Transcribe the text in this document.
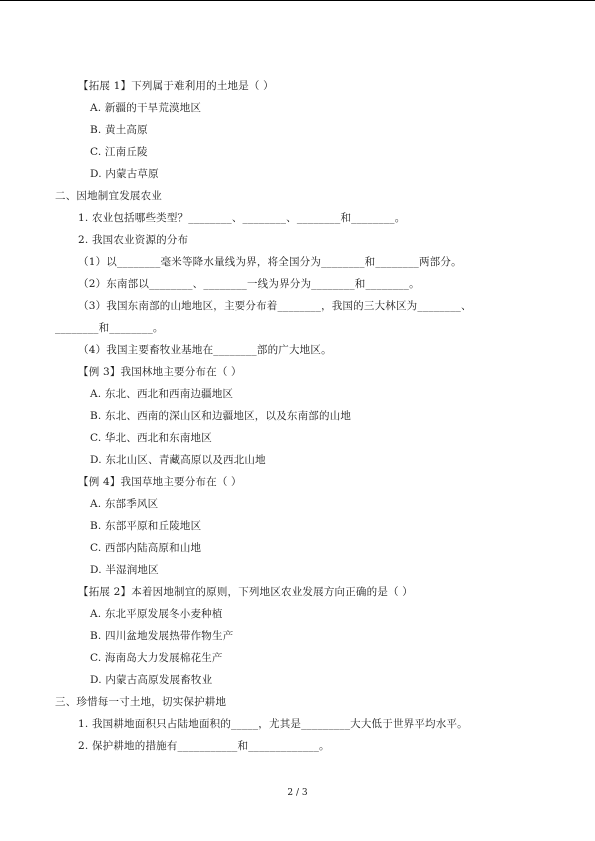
【拓展 1】下列属于难利用的土地是（ ）
A. 新疆的干旱荒漠地区
B. 黄土高原
C. 江南丘陵
D. 内蒙古草原
二、因地制宜发展农业
1. 农业包括哪些类型？________、________、________和________。
2. 我国农业资源的分布
（1）以________毫米等降水量线为界，将全国分为________和________两部分。
（2）东南部以________、________一线为界分为________和________。
（3）我国东南部的山地地区，主要分布着________，我国的三大林区为________、
________和________。
（4）我国主要畜牧业基地在________部的广大地区。
【例 3】我国林地主要分布在（ ）
A. 东北、西北和西南边疆地区
B. 东北、西南的深山区和边疆地区，以及东南部的山地
C. 华北、西北和东南地区
D. 东北山区、青藏高原以及西北山地
【例 4】我国草地主要分布在（ ）
A. 东部季风区
B. 东部平原和丘陵地区
C. 西部内陆高原和山地
D. 半湿润地区
【拓展 2】本着因地制宜的原则，下列地区农业发展方向正确的是（ ）
A. 东北平原发展冬小麦种植
B. 四川盆地发展热带作物生产
C. 海南岛大力发展棉花生产
D. 内蒙古高原发展畜牧业
三、珍惜每一寸土地，切实保护耕地
1. 我国耕地面积只占陆地面积的_____，尤其是_________大大低于世界平均水平。
2. 保护耕地的措施有___________和_____________。
2 / 3
